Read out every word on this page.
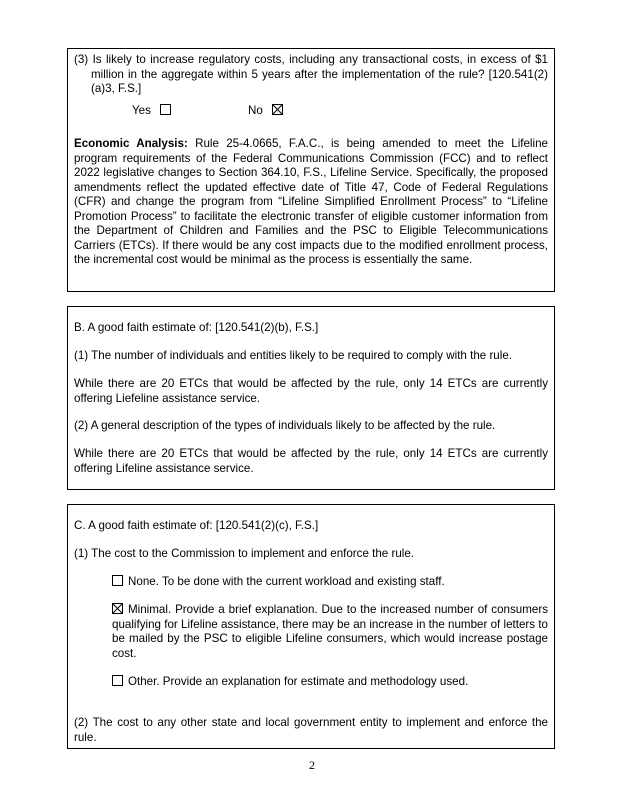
(3) Is likely to increase regulatory costs, including any transactional costs, in excess of $1 million in the aggregate within 5 years after the implementation of the rule? [120.541(2)(a)3, F.S.]

Yes	No

Economic Analysis: Rule 25-4.0665, F.A.C., is being amended to meet the Lifeline program requirements of the Federal Communications Commission (FCC) and to reflect 2022 legislative changes to Section 364.10, F.S., Lifeline Service. Specifically, the proposed amendments reflect the updated effective date of Title 47, Code of Federal Regulations (CFR) and change the program from “Lifeline Simplified Enrollment Process” to “Lifeline Promotion Process” to facilitate the electronic transfer of eligible customer information from the Department of Children and Families and the PSC to Eligible Telecommunications Carriers (ETCs). If there would be any cost impacts due to the modified enrollment process, the incremental cost would be minimal as the process is essentially the same.

B. A good faith estimate of: [120.541(2)(b), F.S.]

(1) The number of individuals and entities likely to be required to comply with the rule.

While there are 20 ETCs that would be affected by the rule, only 14 ETCs are currently offering Liefeline assistance service.

(2) A general description of the types of individuals likely to be affected by the rule.

While there are 20 ETCs that would be affected by the rule, only 14 ETCs are currently offering Lifeline assistance service.

C. A good faith estimate of: [120.541(2)(c), F.S.]

(1) The cost to the Commission to implement and enforce the rule.

None. To be done with the current workload and existing staff.

Minimal. Provide a brief explanation. Due to the increased number of consumers qualifying for Lifeline assistance, there may be an increase in the number of letters to be mailed by the PSC to eligible Lifeline consumers, which would increase postage cost.

Other. Provide an explanation for estimate and methodology used.

(2) The cost to any other state and local government entity to implement and enforce the rule.

2
